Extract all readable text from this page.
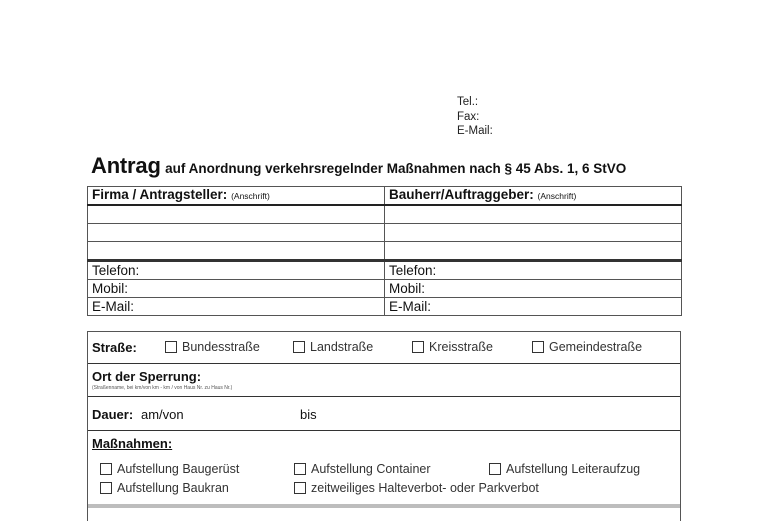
Tel.:
Fax:
E-Mail:
Antrag auf Anordnung verkehrsregelnder Maßnahmen nach § 45 Abs. 1, 6 StVO
Firma / Antragsteller: (Anschrift)	Bauherr/Auftraggeber: (Anschrift)

Telefon:	Telefon:
Mobil:	Mobil:
E-Mail:	E-Mail:
Straße:	Bundesstraße	Landstraße	Kreisstraße	Gemeindestraße
Ort der Sperrung:
(Straßenname, bei km/von km - km / von Haus Nr. zu Haus Nr.)
Dauer: am/von	bis
Maßnahmen:
Aufstellung Baugerüst	Aufstellung Container	Aufstellung Leiteraufzug
Aufstellung Baukran	zeitweiliges Halteverbot- oder Parkverbot
